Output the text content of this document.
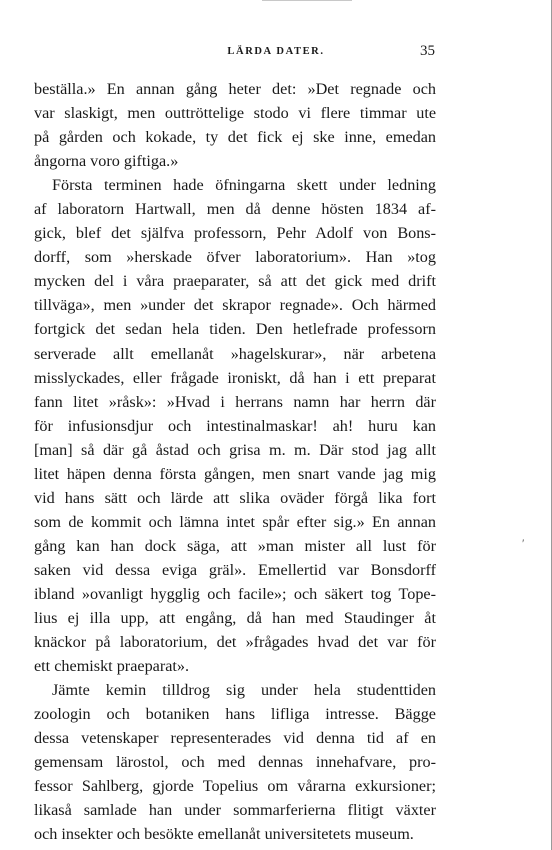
LÄRDA DATER.	35
beställa.» En annan gång heter det: »Det regnade och
var slaskigt, men outtröttelige stodo vi flere timmar ute
på gården och kokade, ty det fick ej ske inne, emedan
ångorna voro giftiga.»
Första terminen hade öfningarna skett under ledning
af laboratorn Hartwall, men då denne hösten 1834 af-
gick, blef det själfva professorn, Pehr Adolf von Bons-
dorff, som »herskade öfver laboratorium». Han »tog
mycken del i våra praeparater, så att det gick med drift
tillväga», men »under det skrapor regnade». Och härmed
fortgick det sedan hela tiden. Den hetlefrade professorn
serverade allt emellanåt »hagelskurar», när arbetena
misslyckades, eller frågade ironiskt, då han i ett preparat
fann litet »råsk»: »Hvad i herrans namn har herrn där
för infusionsdjur och intestinalmaskar! ah! huru kan
[man] så där gå åstad och grisa m. m. Där stod jag allt
litet häpen denna första gången, men snart vande jag mig
vid hans sätt och lärde att slika oväder förgå lika fort
som de kommit och lämna intet spår efter sig.» En annan
gång kan han dock säga, att »man mister all lust för
saken vid dessa eviga gräl». Emellertid var Bonsdorff
ibland »ovanligt hygglig och facile»; och säkert tog Tope-
lius ej illa upp, att engång, då han med Staudinger åt
knäckor på laboratorium, det »frågades hvad det var för
ett chemiskt praeparat».
Jämte kemin tilldrog sig under hela studenttiden
zoologin och botaniken hans lifliga intresse. Bägge
dessa vetenskaper representerades vid denna tid af en
gemensam lärostol, och med dennas innehafvare, pro-
fessor Sahlberg, gjorde Topelius om vårarna exkursioner;
likaså samlade han under sommarferierna flitigt växter
och insekter och besökte emellanåt universitetets museum.
′
